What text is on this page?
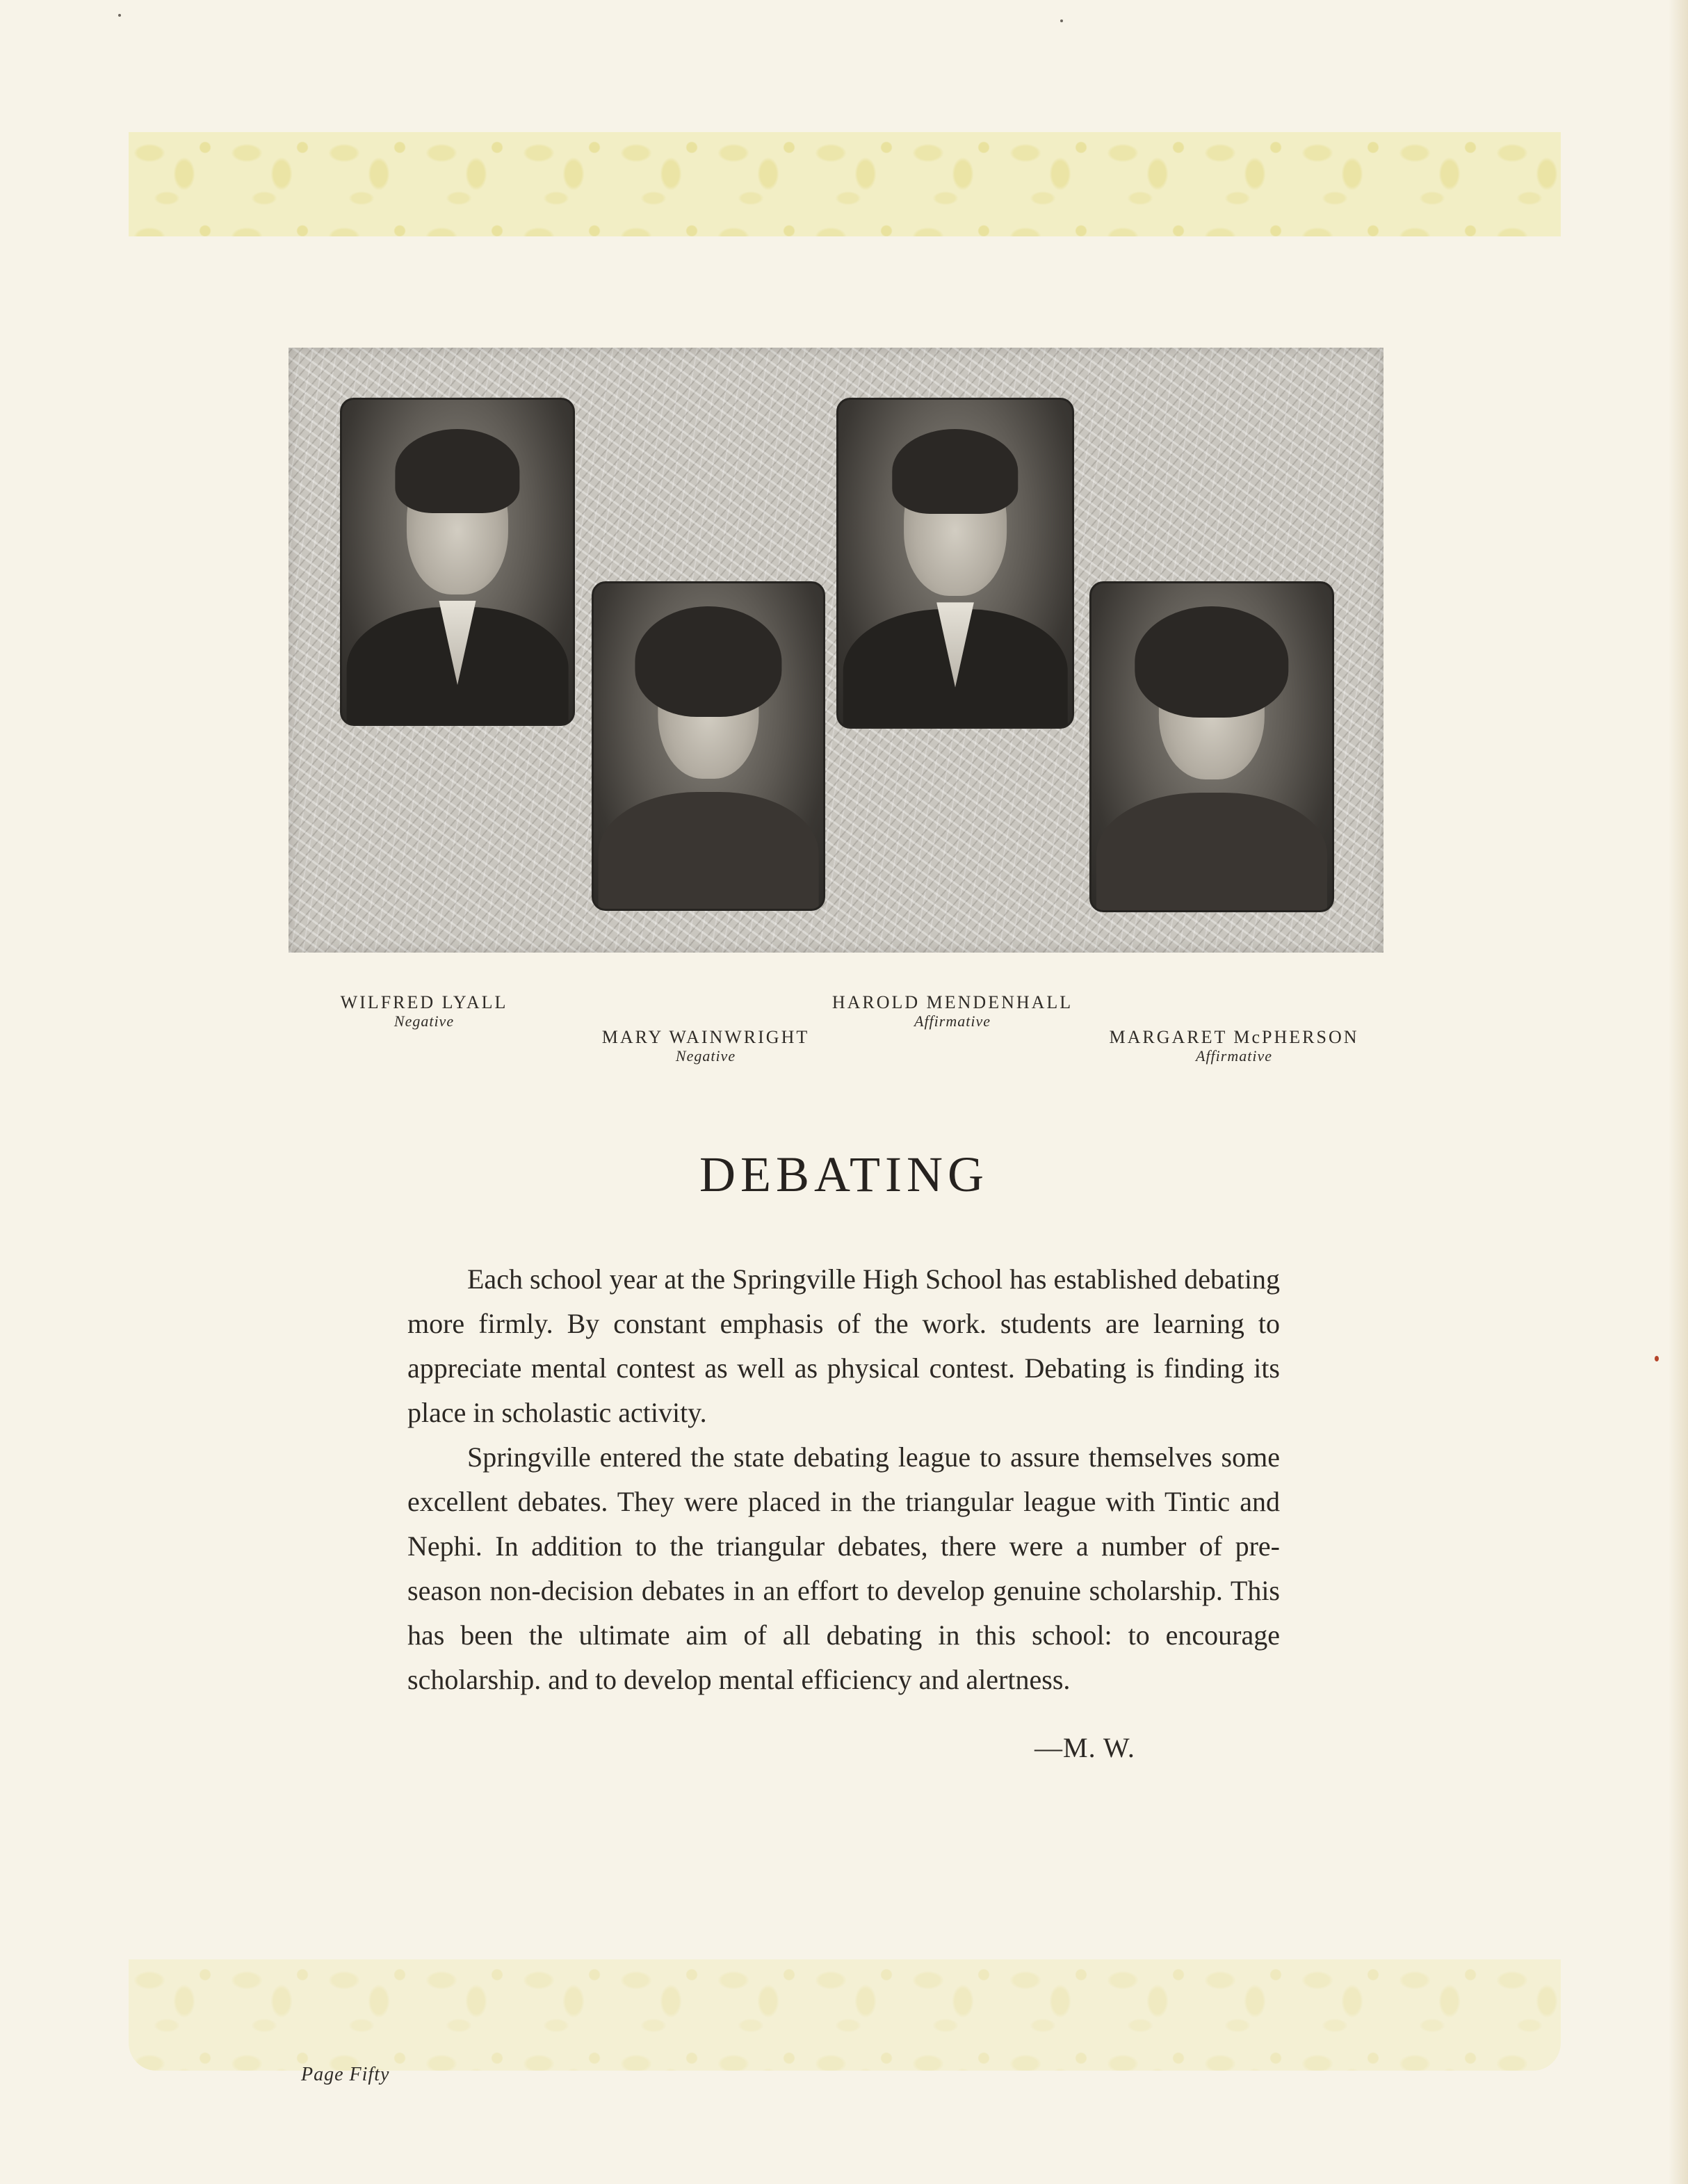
WILFRED LYALL
Negative
MARY WAINWRIGHT
Negative
HAROLD MENDENHALL
Affirmative
MARGARET McPHERSON
Affirmative
DEBATING

Each school year at the Springville High School has established debating more firmly. By constant emphasis of the work. students are learning to appreciate mental contest as well as physical contest. Debating is finding its place in scholastic activity.

Springville entered the state debating league to assure themselves some excellent debates. They were placed in the triangular league with Tintic and Nephi. In addition to the triangular debates, there were a number of pre-season non-decision debates in an effort to develop genuine scholarship. This has been the ultimate aim of all debating in this school: to encourage scholarship. and to develop mental efficiency and alertness.

—M. W.
Page Fifty
